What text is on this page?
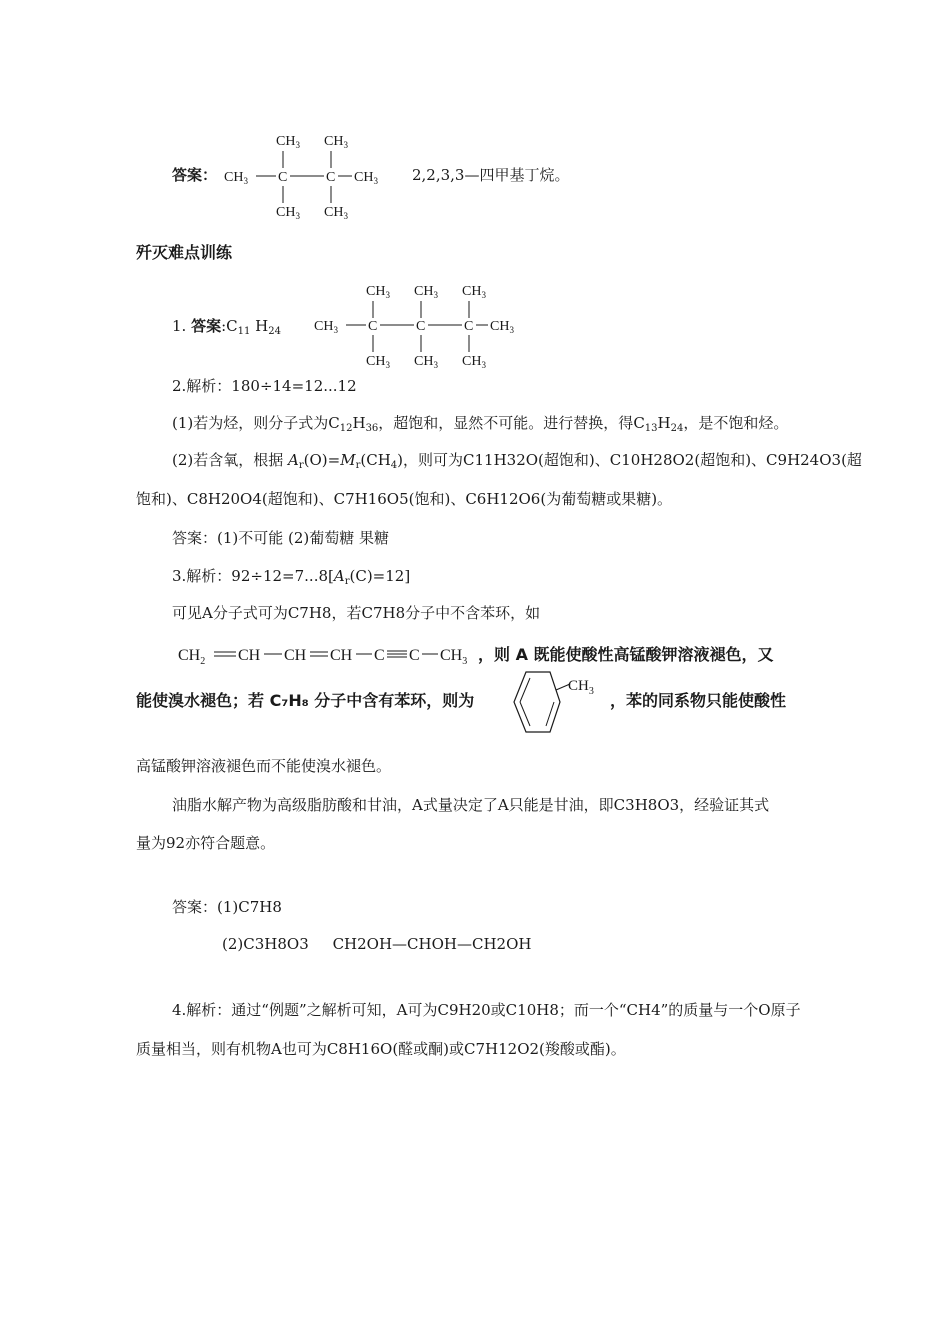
答案：
$CH_3$ $CH_3$
$CH_3$ C	C $CH_3$
$CH_3$ $CH_3$
2,2,3,3—四甲基丁烷。
歼灭难点训练
1. 答案$:C_{11}$ $H_{24}$
$CH_3$ $CH_3$ $CH_3$
$CH_3$ C	C	C $CH_3$
$CH_3$ $CH_3$ $CH_3$
2.解析：180÷14=12...12
(1)若为烃，则分子式为$C_{12}H_{36}$，超饱和，显然不可能。进行替换，得$C_{13}H_{24}$，是不饱和烃。
(2)若含氧，根据 $A_r(O)=M_r(CH_4)$，则可为C11H32O(超饱和)、C10H28O2(超饱和)、C9H24O3(超
饱和)、C8H20O4(超饱和)、C7H16O5(饱和)、C6H12O6(为葡萄糖或果糖)。
答案：(1)不可能 (2)葡萄糖 果糖
3.解析：$92\div 12=7...8[A_r(C)=12]$
可见A分子式可为C7H8，若C7H8分子中不含苯环，如
$CH_2$ CH CH CH C C $CH_3$ ，则 A 既能使酸性高锰酸钾溶液褪色，又
能使溴水褪色；若 C₇H₈ 分子中含有苯环，则为
$CH_3$ ，苯的同系物只能使酸性
高锰酸钾溶液褪色而不能使溴水褪色。
油脂水解产物为高级脂肪酸和甘油，A式量决定了A只能是甘油，即C3H8O3，经验证其式
量为92亦符合题意。
答案：(1)C7H8
(2)C3H8O3 CH2OH—CHOH—CH2OH
4.解析：通过“例题”之解析可知，A可为C9H20或C10H8；而一个“CH4”的质量与一个O原子
质量相当，则有机物A也可为C8H16O(醛或酮)或C7H12O2(羧酸或酯)。
